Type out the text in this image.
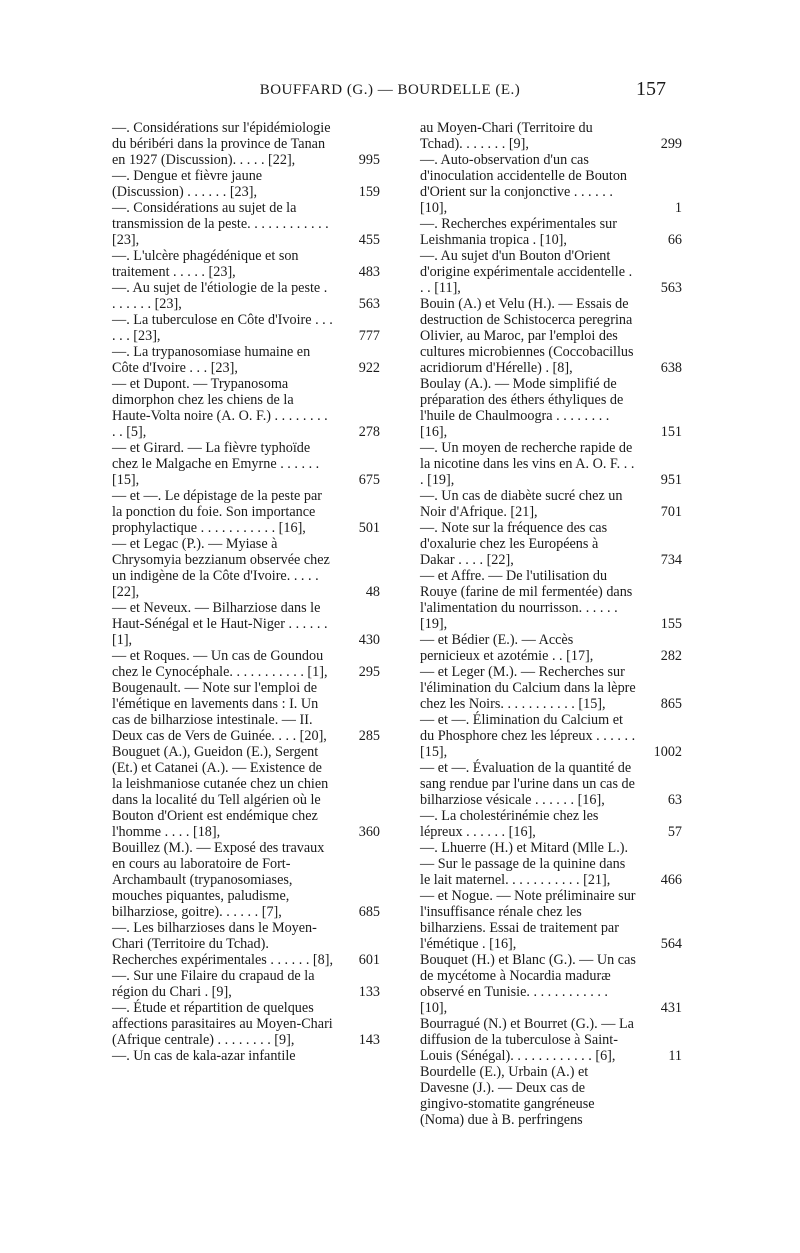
BOUFFARD (G.) — BOURDELLE (E.)	157
—. Considérations sur l'épidémiologie du béribéri dans la province de Tanan en 1927 (Discussion). . . . . [22],	995
—. Dengue et fièvre jaune (Discussion) . . . . . . [23],	159
—. Considérations au sujet de la transmission de la peste. . . . . . . . . . . . [23],	455
—. L'ulcère phagédénique et son traitement . . . . . [23],	483
—. Au sujet de l'étiologie de la peste . . . . . . . [23],	563
—. La tuberculose en Côte d'Ivoire . . . . . . [23],	777
—. La trypanosomiase humaine en Côte d'Ivoire . . . [23],	922
— et Dupont. — Trypanosoma dimorphon chez les chiens de la Haute-Volta noire (A. O. F.) . . . . . . . . . . [5],	278
— et Girard. — La fièvre typhoïde chez le Malgache en Emyrne . . . . . . [15],	675
— et —. Le dépistage de la peste par la ponction du foie. Son importance prophylactique . . . . . . . . . . . [16],	501
— et Legac (P.). — Myiase à Chrysomyia bezzianum observée chez un indigène de la Côte d'Ivoire. . . . . [22],	48
— et Neveux. — Bilharziose dans le Haut-Sénégal et le Haut-Niger . . . . . . [1],	430
— et Roques. — Un cas de Goundou chez le Cynocéphale. . . . . . . . . . . [1],	295
Bougenault. — Note sur l'emploi de l'émétique en lavements dans : I. Un cas de bilharziose intestinale. — II. Deux cas de Vers de Guinée. . . . [20],	285
Bouguet (A.), Gueidon (E.), Sergent (Et.) et Catanei (A.). — Existence de la leishmaniose cutanée chez un chien dans la localité du Tell algérien où le Bouton d'Orient est endémique chez l'homme . . . . [18],	360
Bouillez (M.). — Exposé des travaux en cours au laboratoire de Fort-Archambault (trypanosomiases, mouches piquantes, paludisme, bilharziose, goitre). . . . . . [7],	685
—. Les bilharzioses dans le Moyen-Chari (Territoire du Tchad). Recherches expérimentales . . . . . . [8],	601
—. Sur une Filaire du crapaud de la région du Chari . [9],	133
—. Étude et répartition de quelques affections parasitaires au Moyen-Chari (Afrique centrale) . . . . . . . . [9],	143
—. Un cas de kala-azar infantile
au Moyen-Chari (Territoire du Tchad). . . . . . . [9],	299
—. Auto-observation d'un cas d'inoculation accidentelle de Bouton d'Orient sur la conjonctive . . . . . . [10],	1
—. Recherches expérimentales sur Leishmania tropica . [10],	66
—. Au sujet d'un Bouton d'Orient d'origine expérimentale accidentelle . . . [11],	563
Bouin (A.) et Velu (H.). — Essais de destruction de Schistocerca peregrina Olivier, au Maroc, par l'emploi des cultures microbiennes (Coccobacillus acridiorum d'Hérelle) . [8],	638
Boulay (A.). — Mode simplifié de préparation des éthers éthyliques de l'huile de Chaulmoogra . . . . . . . . [16],	151
—. Un moyen de recherche rapide de la nicotine dans les vins en A. O. F. . . . [19],	951
—. Un cas de diabète sucré chez un Noir d'Afrique. [21],	701
—. Note sur la fréquence des cas d'oxalurie chez les Européens à Dakar . . . . [22],	734
— et Affre. — De l'utilisation du Rouye (farine de mil fermentée) dans l'alimentation du nourrisson. . . . . . [19],	155
— et Bédier (E.). — Accès pernicieux et azotémie . . [17],	282
— et Leger (M.). — Recherches sur l'élimination du Calcium dans la lèpre chez les Noirs. . . . . . . . . . . [15],	865
— et —. Élimination du Calcium et du Phosphore chez les lépreux . . . . . . [15],	1002
— et —. Évaluation de la quantité de sang rendue par l'urine dans un cas de bilharziose vésicale . . . . . . [16],	63
—. La cholestérinémie chez les lépreux . . . . . . [16],	57
—. Lhuerre (H.) et Mitard (Mlle L.). — Sur le passage de la quinine dans le lait maternel. . . . . . . . . . . [21],	466
— et Nogue. — Note préliminaire sur l'insuffisance rénale chez les bilharziens. Essai de traitement par l'émétique . [16],	564
Bouquet (H.) et Blanc (G.). — Un cas de mycétome à Nocardia maduræ observé en Tunisie. . . . . . . . . . . . [10],	431
Bourragué (N.) et Bourret (G.). — La diffusion de la tuberculose à Saint-Louis (Sénégal). . . . . . . . . . . . [6],	11
Bourdelle (E.), Urbain (A.) et Davesne (J.). — Deux cas de gingivo-stomatite gangréneuse (Noma) due à B. perfringens
